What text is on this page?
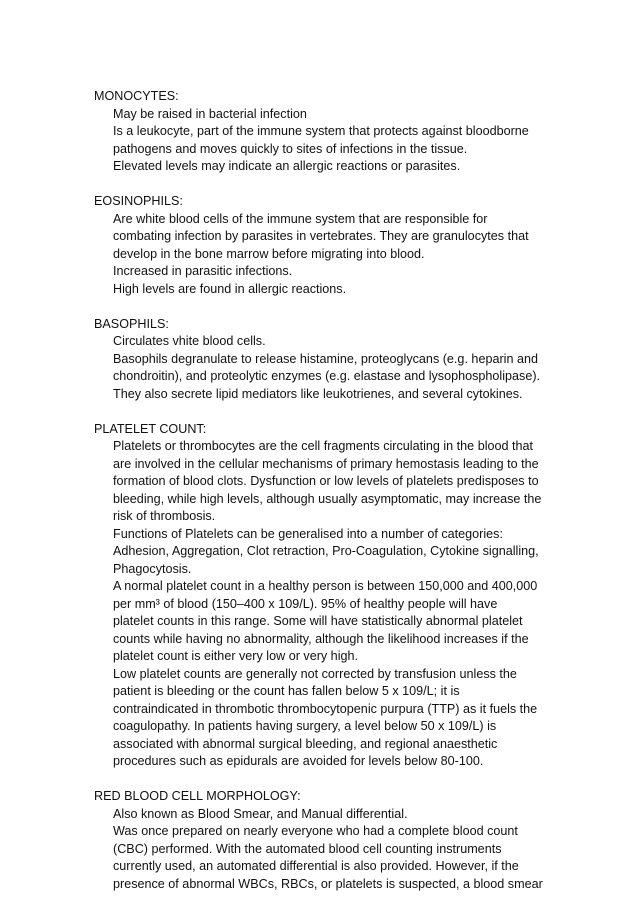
MONOCYTES:
May be raised in bacterial infection
Is a leukocyte, part of the immune system that protects against bloodborne
pathogens and moves quickly to sites of infections in the tissue.
Elevated levels may indicate an allergic reactions or parasites.
EOSINOPHILS:
Are white blood cells of the immune system that are responsible for
combating infection by parasites in vertebrates. They are granulocytes that
develop in the bone marrow before migrating into blood.
Increased in parasitic infections.
High levels are found in allergic reactions.
BASOPHILS:
Circulates vhite blood cells.
Basophils degranulate to release histamine, proteoglycans (e.g. heparin and
chondroitin), and proteolytic enzymes (e.g. elastase and lysophospholipase).
They also secrete lipid mediators like leukotrienes, and several cytokines.
PLATELET COUNT:
Platelets or thrombocytes are the cell fragments circulating in the blood that
are involved in the cellular mechanisms of primary hemostasis leading to the
formation of blood clots. Dysfunction or low levels of platelets predisposes to
bleeding, while high levels, although usually asymptomatic, may increase the
risk of thrombosis.
Functions of Platelets can be generalised into a number of categories:
Adhesion, Aggregation, Clot retraction, Pro-Coagulation, Cytokine signalling,
Phagocytosis.
A normal platelet count in a healthy person is between 150,000 and 400,000
per mm³ of blood (150–400 x 109/L). 95% of healthy people will have
platelet counts in this range. Some will have statistically abnormal platelet
counts while having no abnormality, although the likelihood increases if the
platelet count is either very low or very high.
Low platelet counts are generally not corrected by transfusion unless the
patient is bleeding or the count has fallen below 5 x 109/L; it is
contraindicated in thrombotic thrombocytopenic purpura (TTP) as it fuels the
coagulopathy. In patients having surgery, a level below 50 x 109/L) is
associated with abnormal surgical bleeding, and regional anaesthetic
procedures such as epidurals are avoided for levels below 80-100.
RED BLOOD CELL MORPHOLOGY:
Also known as Blood Smear, and Manual differential.
Was once prepared on nearly everyone who had a complete blood count
(CBC) performed. With the automated blood cell counting instruments
currently used, an automated differential is also provided. However, if the
presence of abnormal WBCs, RBCs, or platelets is suspected, a blood smear
